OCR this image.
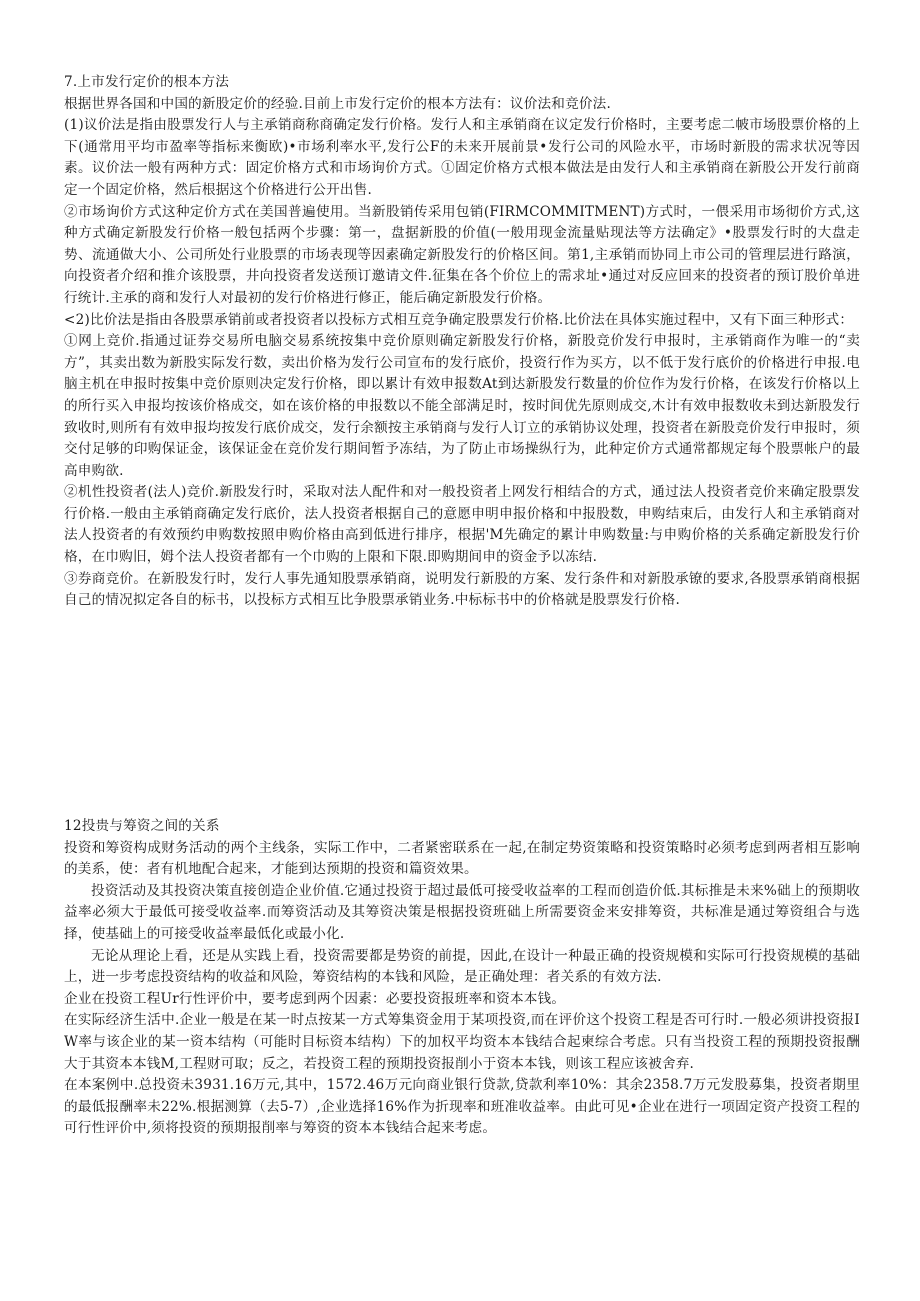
7.上市发行定价的根本方法

根据世界各国和中国的新股定价的经验.目前上市发行定价的根本方法有：议价法和竞价法.

(1)议价法是指由股票发行人与主承销商称商确定发行价格。发行人和主承销商在议定发行价格时，主要考虑二帔市场股票价格的上下(通常用平均市盈率等指标来衡欧)•市场利率水平,发行公F的未来开展前景•发行公司的风险水平，市场时新股的需求状况等因素。议价法一般有两种方式：固定价格方式和市场询价方式。①固定价格方式根本做法是由发行人和主承销商在新股公开发行前商定一个固定价格，然后根据这个价格进行公开出售.

②市场询价方式这种定价方式在美国普遍使用。当新股销传采用包销(FIRMCOMMITMENT)方式时，一偎采用市场彻价方式,这种方式确定新股发行价格一般包括两个步骤：第一，盘据新股的价值(一般用现金流量贴现法等方法确定》•股票发行时的大盘走势、流通做大小、公司所处行业股票的市场表现等因素确定新股发行的价格区间。第1,主承销而协同上市公司的管理层进行路演，向投资者介绍和推介该股票，井向投资者发送预订邀请文件.征集在各个价位上的需求址•通过对反应回来的投资者的预订股价单进行统计.主承的商和发行人对最初的发行价格进行修正，能后确定新股发行价格。

<2)比价法是指由各股票承销前或者投资者以投标方式相互竞争确定股票发行价格.比价法在具体实施过程中，又有下面三种形式：

①网上竞价.指通过证券交易所电脑交易系统按集中竞价原则确定新股发行价格，新股竞价发行申报时，主承销商作为唯一的“卖方”，其卖出数为新股实际发行数，卖出价格为发行公司宣布的发行底价，投资行作为买方，以不低于发行底价的价格进行申报.电脑主机在申报时按集中竞价原则决定发行价格，即以累计有效申报数At到达新股发行数量的价位作为发行价格，在该发行价格以上的所行买入申报均按该价格成交，如在该价格的申报数以不能全部满足时，按时间优先原则成交,木计有效申报数收未到达新股发行致收时,则所有有效申报均按发行底价成交，发行余额按主承销商与发行人订立的承销协议处理，投资者在新股竞价发行申报时，须交付足够的印购保证金，该保证金在竞价发行期间暂予冻结，为了防止市场操纵行为，此种定价方式通常都规定每个股票帐户的最高申购欲.

②机性投资者(法人)竞价.新股发行时，采取对法人配件和对一般投资者上网发行相结合的方式，通过法人投资者竞价来确定股票发行价格.一般由主承销商确定发行底价，法人投资者根据自己的意愿申明申报价格和中报股数，申购结束后，由发行人和主承销商对法人投资者的有效预约申购数按照申购价格由高到低进行排序，根据'M先确定的累计申购数量:与申购价格的关系确定新股发行价格，在巾购旧，姆个法人投资者都有一个巾购的上限和下限.即购期间申的资金予以冻结.

③券商竞价。在新股发行时，发行人事先通知股票承销商，说明发行新股的方案、发行条件和对新股承镣的要求,各股票承销商根据自己的情况拟定各自的标书，以投标方式相互比争股票承销业务.中标标书中的价格就是股票发行价格.

12投贵与筹资之间的关系

投资和筹资构成财务活动的两个主线条，实际工作中，二者紧密联系在一起,在制定势资策略和投资策略时必须考虑到两者相互影响的美系，使：者有机地配合起来，才能到达预期的投资和篇资效果。

投资活动及其投资决策直接创造企业价值.它通过投资于超过最低可接受收益率的工程而创造价低.其标推是未来%础上的预期收益率必须大于最低可接受收益率.而筹资活动及其筹资决策是根据投资班础上所需要资金来安排筹资，共标准是通过筹资组合与选择，使基础上的可接受收益率最低化或最小化.

无论从理论上看，还是从实践上看，投资需要都是势资的前提，因此,在设计一种最正确的投资规模和实际可行投资规模的基础上，进一步考虑投资结构的收益和风险，筹资结构的本钱和风险，是正确处理：者关系的有效方法.

企业在投资工程Ur行性评价中，要考虑到两个因素：必要投资报班率和资本本钱。

在实际经济生活中.企业一般是在某一时点按某一方式筹集资金用于某项投资,而在评价这个投资工程是否可行时.一般必须讲投资报IW率与该企业的某一资本结构（可能时目标资本结构）下的加权平均资本本钱结合起柬综合考虑。只有当投资工程的预期投资报酬大于其资本本钱M,工程财可取；反之，若投资工程的预期投资报削小于资本本钱，则该工程应该被舍弃.

在本案例中.总投资未3931.16万元,其中，1572.46万元向商业银行贷款,贷款利率10%：其余2358.7万元发股募集，投资者期里的最低报酬率未22%.根据测算（去5-7）,企业选择16%作为折现率和班准收益率。由此可见•企业在进行一项固定资产投资工程的可行性评价中,须将投资的预期报削率与筹资的资本本钱结合起来考虑。
